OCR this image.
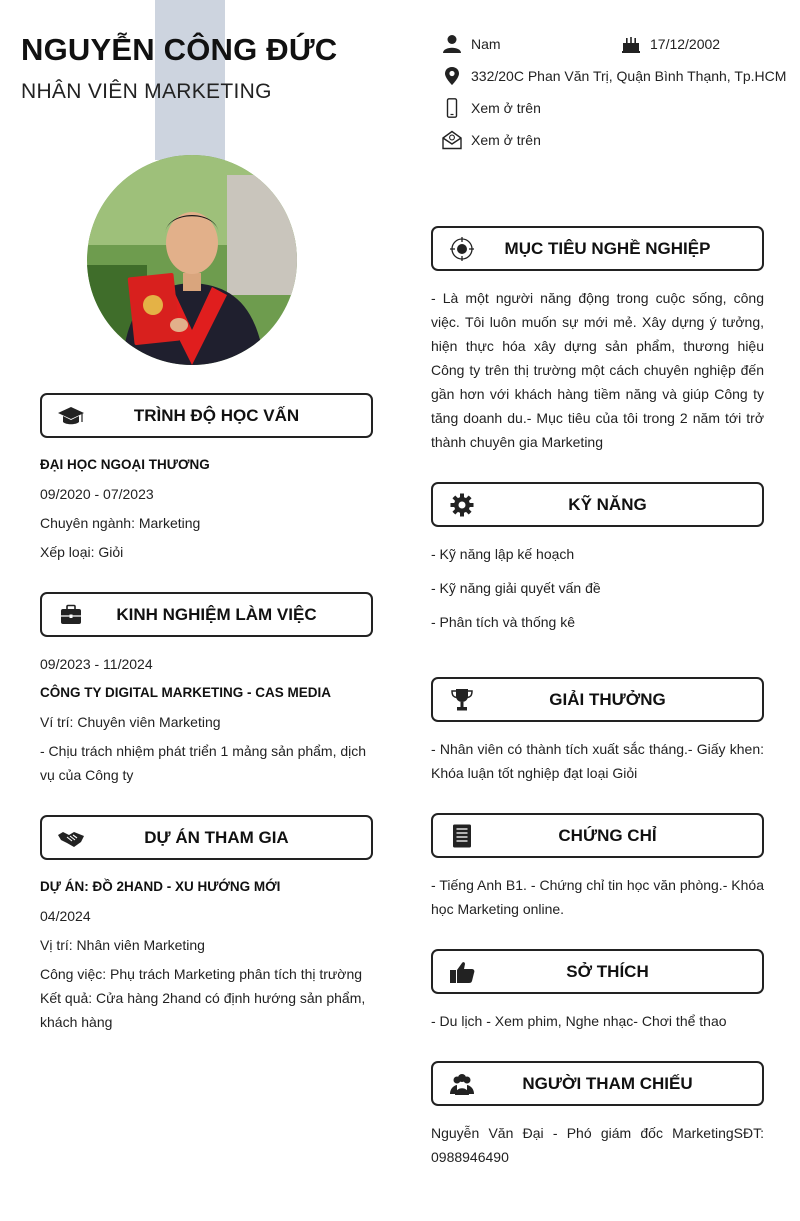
NGUYỄN CÔNG ĐỨC
NHÂN VIÊN MARKETING
Nam	17/12/2002
332/20C Phan Văn Trị, Quận Bình Thạnh, Tp.HCM
Xem ở trên
Xem ở trên
TRÌNH ĐỘ HỌC VẤN
ĐẠI HỌC NGOẠI THƯƠNG
09/2020 - 07/2023
Chuyên ngành: Marketing
Xếp loại: Giỏi
KINH NGHIỆM LÀM VIỆC
09/2023 - 11/2024
CÔNG TY DIGITAL MARKETING - CAS MEDIA
Ví trí: Chuyên viên Marketing
- Chịu trách nhiệm phát triển 1 mảng sản phẩm, dịch vụ của Công ty
DỰ ÁN THAM GIA
DỰ ÁN: ĐỒ 2HAND - XU HƯỚNG MỚI
04/2024
Vị trí: Nhân viên Marketing
Công việc: Phụ trách Marketing phân tích thị trường Kết quả: Cửa hàng 2hand có định hướng sản phẩm, khách hàng
MỤC TIÊU NGHỀ NGHIỆP
- Là một người năng động trong cuộc sống, công việc. Tôi luôn muốn sự mới mẻ. Xây dựng ý tưởng, hiện thực hóa xây dựng sản phẩm, thương hiệu Công ty trên thị trường một cách chuyên nghiệp đến gần hơn với khách hàng tiềm năng và giúp Công ty tăng doanh du.- Mục tiêu của tôi trong 2 năm tới trở thành chuyên gia Marketing
KỸ NĂNG
- Kỹ năng lập kế hoạch
- Kỹ năng giải quyết vấn đề
- Phân tích và thống kê
GIẢI THƯỞNG
- Nhân viên có thành tích xuất sắc tháng.- Giấy khen: Khóa luận tốt nghiệp đạt loại Giỏi
CHỨNG CHỈ
- Tiếng Anh B1. - Chứng chỉ tin học văn phòng.- Khóa học Marketing online.
SỞ THÍCH
- Du lịch - Xem phim, Nghe nhạc- Chơi thể thao
NGƯỜI THAM CHIẾU
Nguyễn Văn Đại - Phó giám đốc MarketingSĐT: 0988946490
